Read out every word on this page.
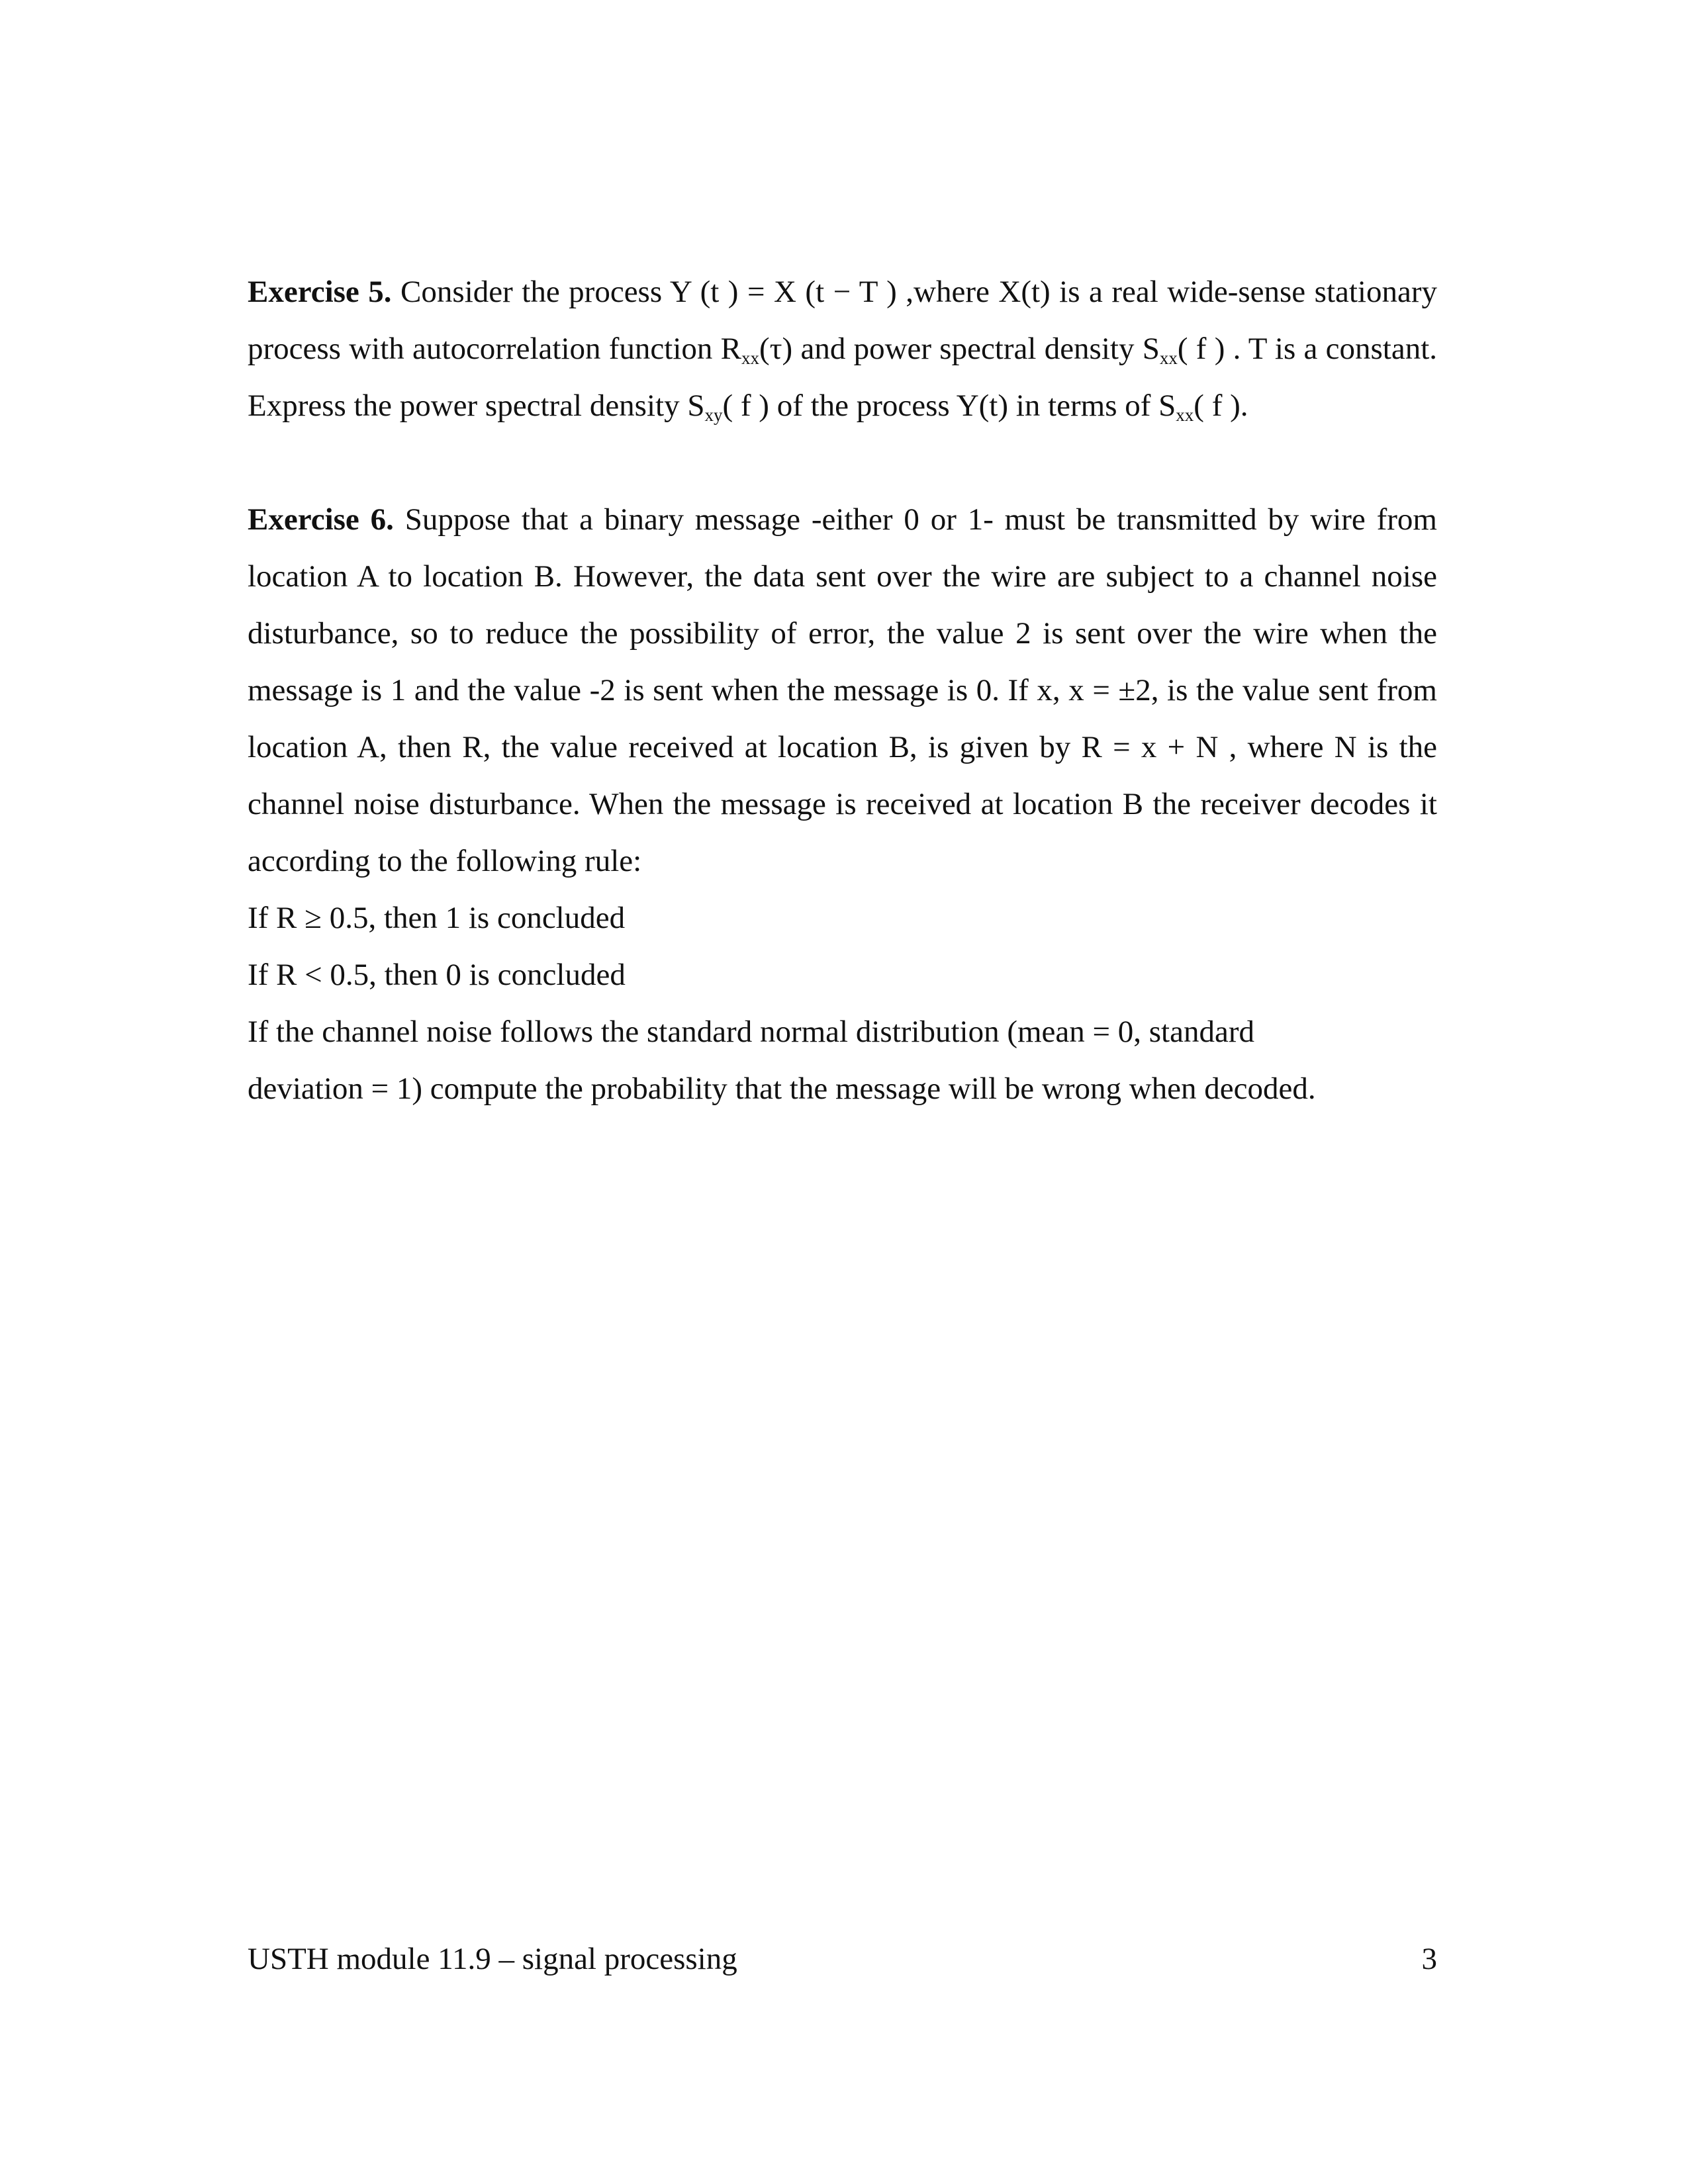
Exercise 5. Consider the process Y (t ) = X (t − T ) ,where X(t) is a real wide-sense stationary process with autocorrelation function $R_{xx}(\tau)$ and power spectral density $S_{xx}$( f ) . T is a constant. Express the power spectral density $S_{xy}$( f ) of the process Y(t) in terms of $S_{xx}$( f ).

Exercise 6. Suppose that a binary message -either 0 or 1- must be transmitted by wire from location A to location B. However, the data sent over the wire are subject to a channel noise disturbance, so to reduce the possibility of error, the value 2 is sent over the wire when the message is 1 and the value -2 is sent when the message is 0. If x, x = ±2, is the value sent from location A, then R, the value received at location B, is given by R = x + N , where N is the channel noise disturbance. When the message is received at location B the receiver decodes it according to the following rule:

If R ≥ 0.5, then 1 is concluded
If R < 0.5, then 0 is concluded
If the channel noise follows the standard normal distribution (mean = 0, standard
deviation = 1) compute the probability that the message will be wrong when decoded.
USTH module 11.9 – signal processing	3
